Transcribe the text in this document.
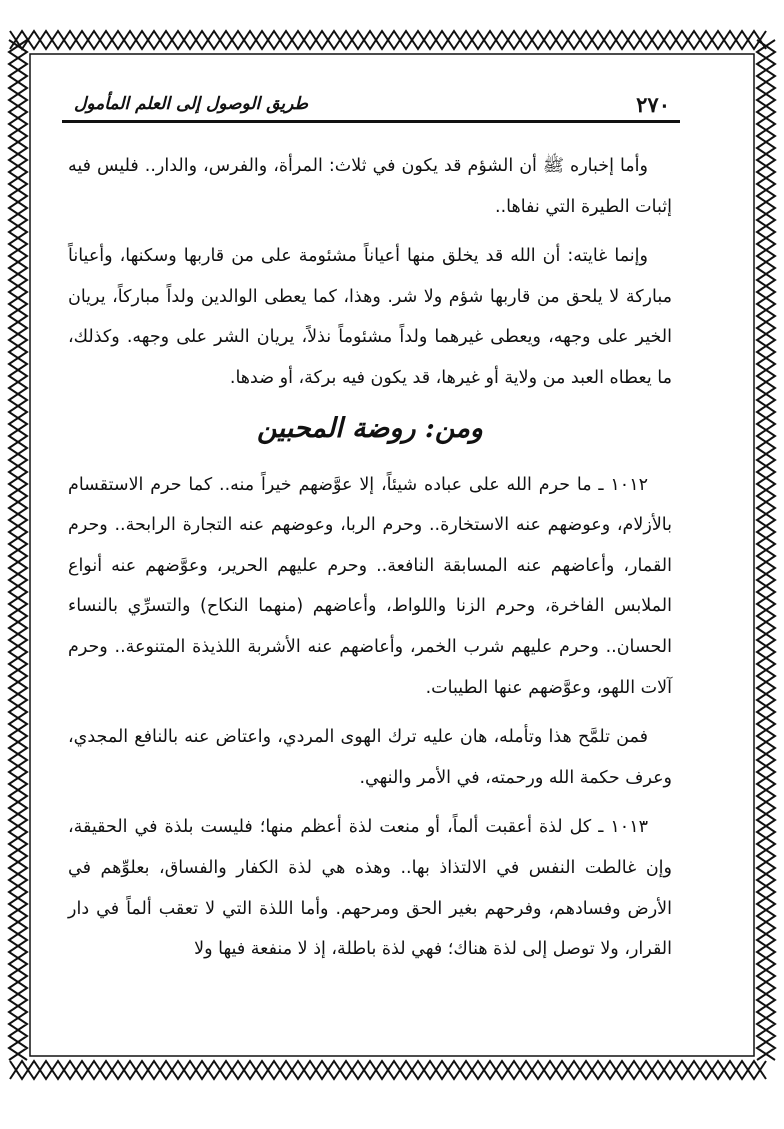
٢٧٠
طريق الوصول إلى العلم المأمول

وأما إخباره ﷺ أن الشؤم قد يكون في ثلاث: المرأة، والفرس، والدار.. فليس فيه إثبات الطيرة التي نفاها..

وإنما غايته: أن الله قد يخلق منها أعياناً مشئومة على من قاربها وسكنها، وأعياناً مباركة لا يلحق من قاربها شؤم ولا شر. وهذا، كما يعطى الوالدين ولداً مباركاً، يريان الخير على وجهه، ويعطى غيرهما ولداً مشئوماً نذلاً، يريان الشر على وجهه. وكذلك، ما يعطاه العبد من ولاية أو غيرها، قد يكون فيه بركة، أو ضدها.

ومن: روضة المحبين

١٠١٢ ـ ما حرم الله على عباده شيئاً، إلا عوَّضهم خيراً منه.. كما حرم الاستقسام بالأزلام، وعوضهم عنه الاستخارة.. وحرم الربا، وعوضهم عنه التجارة الرابحة.. وحرم القمار، وأعاضهم عنه المسابقة النافعة.. وحرم عليهم الحرير، وعوَّضهم عنه أنواع الملابس الفاخرة، وحرم الزنا واللواط، وأعاضهم (منهما النكاح) والتسرِّي بالنساء الحسان.. وحرم عليهم شرب الخمر، وأعاضهم عنه الأشربة اللذيذة المتنوعة.. وحرم آلات اللهو، وعوَّضهم عنها الطيبات.

فمن تلمَّح هذا وتأمله، هان عليه ترك الهوى المردي، واعتاض عنه بالنافع المجدي، وعرف حكمة الله ورحمته، في الأمر والنهي.

١٠١٣ ـ كل لذة أعقبت ألماً، أو منعت لذة أعظم منها؛ فليست بلذة في الحقيقة، وإن غالطت النفس في الالتذاذ بها.. وهذه هي لذة الكفار والفساق، بعلوِّهم في الأرض وفسادهم، وفرحهم بغير الحق ومرحهم. وأما اللذة التي لا تعقب ألماً في دار القرار، ولا توصل إلى لذة هناك؛ فهي لذة باطلة، إذ لا منفعة فيها ولا
